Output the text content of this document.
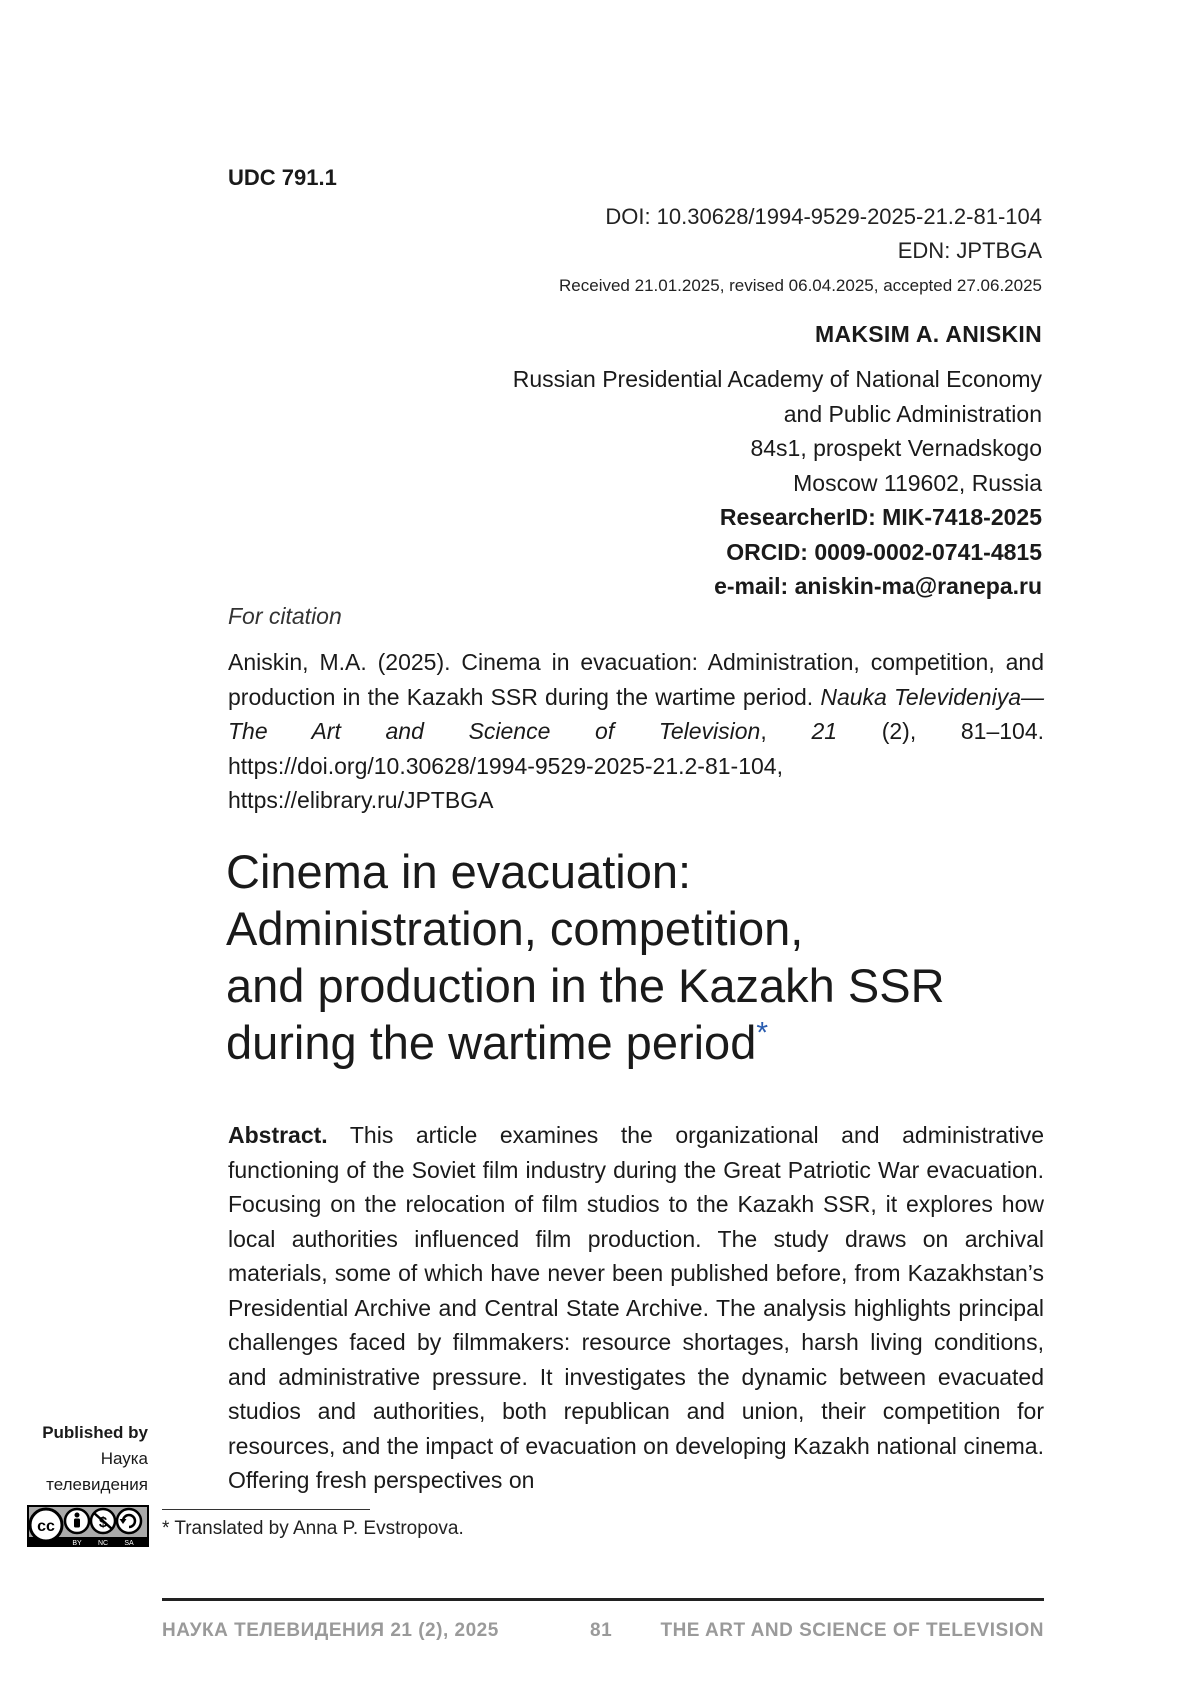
UDC 791.1
DOI: 10.30628/1994-9529-2025-21.2-81-104
EDN: JPTBGA
Received 21.01.2025, revised 06.04.2025, accepted 27.06.2025
MAKSIM A. ANISKIN
Russian Presidential Academy of National Economy
and Public Administration
84s1, prospekt Vernadskogo
Moscow 119602, Russia
ResearcherID: MIK-7418-2025
ORCID: 0009-0002-0741-4815
e-mail: aniskin-ma@ranepa.ru
For citation
Aniskin, M.A. (2025). Cinema in evacuation: Administration, competition, and production in the Kazakh SSR during the wartime period. Nauka Televideniya—The Art and Science of Television, 21 (2), 81–104. https://doi.org/10.30628/1994-9529-2025-21.2-81-104, https://elibrary.ru/JPTBGA
Cinema in evacuation:
Administration, competition,
and production in the Kazakh SSR
during the wartime period*

Abstract. This article examines the organizational and administrative functioning of the Soviet film industry during the Great Patriotic War evacuation. Focusing on the relocation of film studios to the Kazakh SSR, it explores how local authorities influenced film production. The study draws on archival materials, some of which have never been published before, from Kazakhstan’s Presidential Archive and Central State Archive. The analysis highlights principal challenges faced by filmmakers: resource shortages, harsh living conditions, and administrative pressure. It investigates the dynamic between evacuated studios and authorities, both republican and union, their competition for resources, and the impact of evacuation on developing Kazakh national cinema. Offering fresh perspectives on

Published by
Наука
телевидения
cc
BY NC SA
* Translated by Anna P. Evstropova.
НАУКА ТЕЛЕВИДЕНИЯ 21 (2), 2025	81	THE ART AND SCIENCE OF TELEVISION
